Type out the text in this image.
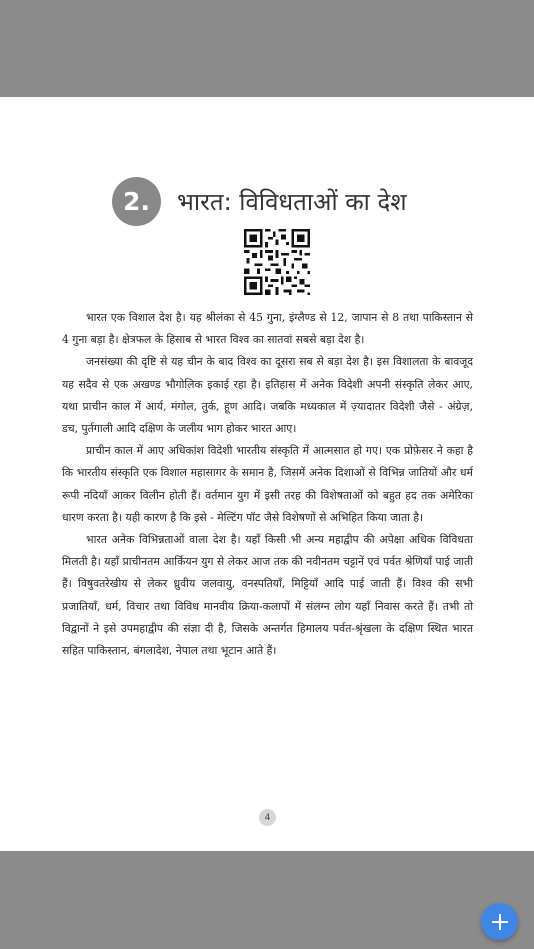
2.	भारत: विविधताओं का देश

भारत एक विशाल देश है। यह श्रीलंका से 45 गुना, इंग्लैण्ड से 12, जापान से 8 तथा पाकिस्तान से 4 गुना बड़ा है। क्षेत्रफल के हिसाब से भारत विश्व का सातवां सबसे बड़ा देश है।

जनसंख्या की दृष्टि से यह चीन के बाद विश्व का दूसरा सब से बड़ा देश है। इस विशालता के बावजूद यह सदैव से एक अखण्ड भौगोलिक इकाई रहा है। इतिहास में अनेक विदेशी अपनी संस्कृति लेकर आए, यथा प्राचीन काल में आर्य, मंगोल, तुर्क, हूण आदि। जबकि मध्यकाल में ज़्यादातर विदेशी जैसे - अंग्रेज़, डच, पुर्तगाली आदि दक्षिण के जलीय भाग होकर भारत आए।

प्राचीन काल में आए अधिकांश विदेशी भारतीय संस्कृति में आत्मसात हो गए। एक प्रोफ़ेसर ने कहा है कि भारतीय संस्कृति एक विशाल महासागर के समान है, जिसमें अनेक दिशाओं से विभिन्न जातियों और धर्म रूपी नदियाँ आकर विलीन होती हैं। वर्तमान युग में इसी तरह की विशेषताओं को बहुत हद तक अमेरिका धारण करता है। यही कारण है कि इसे - मेल्टिंग पॉट जैसे विशेषणों से अभिहित किया जाता है।

भारत अनेक विभिन्नताओं वाला देश है। यहाँ किसी भी अन्य महाद्वीप की अपेक्षा अधिक विविधता मिलती है। यहाँ प्राचीनतम आर्कियन युग से लेकर आज तक की नवीनतम चट्टानें एवं पर्वत श्रेणियाँ पाई जाती हैं। विषुवतरेखीय से लेकर ध्रुवीय जलवायु, वनस्पतियाँ, मिट्टियाँ आदि पाई जाती हैं। विश्व की सभी प्रजातियाँ, धर्म, विचार तथा विविध मानवीय क्रिया-कलापों में संलग्न लोग यहाँ निवास करते हैं। तभी तो विद्वानों ने इसे उपमहाद्वीप की संज्ञा दी है, जिसके अन्तर्गत हिमालय पर्वत-श्रृंखला के दक्षिण स्थित भारत सहित पाकिस्तान, बंगलादेश, नेपाल तथा भूटान आते हैं।

4
